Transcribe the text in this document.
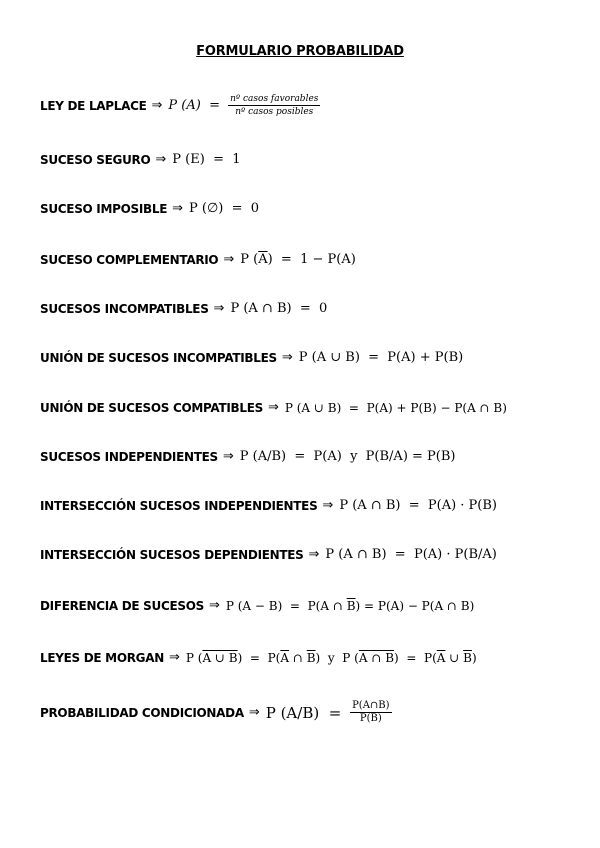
FORMULARIO PROBABILIDAD
LEY DE LAPLACE ⇒ P $(A) = \frac{\text{nº casos favorables}}{\text{nº casos posibles}}$
SUCESO SEGURO ⇒ P (E)  =  1
SUCESO IMPOSIBLE ⇒ P (∅)  =  0
SUCESO COMPLEMENTARIO ⇒ P ( $\overline{A}$ )  =  1 − P(A)
SUCESOS INCOMPATIBLES ⇒ P (A ∩ B)  =  0
UNIÓN DE SUCESOS INCOMPATIBLES ⇒ P (A ∪ B)  =  P(A) + P(B)
UNIÓN DE SUCESOS COMPATIBLES ⇒ P (A ∪ B)  =  P(A) + P(B) − P(A ∩ B)
SUCESOS INDEPENDIENTES ⇒ P (A/B)  =  P(A)  y  P(B/A) = P(B)
INTERSECCIÓN SUCESOS INDEPENDIENTES ⇒ P (A ∩ B)  =  P(A) · P(B)
INTERSECCIÓN SUCESOS DEPENDIENTES ⇒ P (A ∩ B)  =  P(A) · P(B/A)
DIFERENCIA DE SUCESOS ⇒ P (A − B)  =  P(A ∩ $\overline{B}$ ) = P(A) − P(A ∩ B)
LEYES DE MORGAN ⇒ P ( A ∪ B )  =  P( $\overline{A}$ ∩ $\overline{B}$ )  y  P ( A ∩ B )  =  P( $\overline{A}$ ∪ $\overline{B}$ )
PROBABILIDAD CONDICIONADA ⇒ P $(A/B) = \frac{P(A\cap B)}{P(B)}$
